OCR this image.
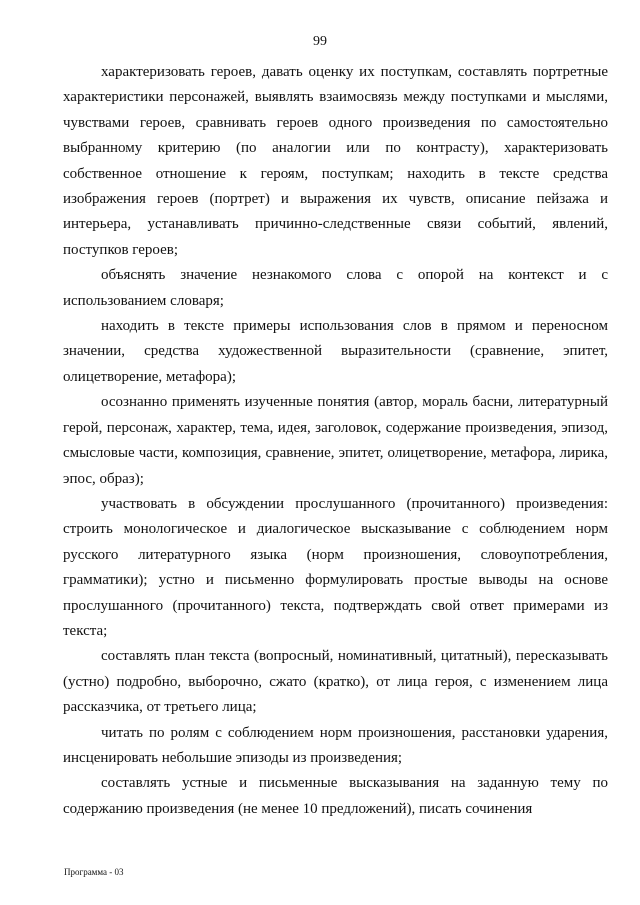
99

характеризовать героев, давать оценку их поступкам, составлять портретные характеристики персонажей, выявлять взаимосвязь между поступками и мыслями, чувствами героев, сравнивать героев одного произведения по самостоятельно выбранному критерию (по аналогии или по контрасту), характеризовать собственное отношение к героям, поступкам; находить в тексте средства изображения героев (портрет) и выражения их чувств, описание пейзажа и интерьера, устанавливать причинно-следственные связи событий, явлений, поступков героев;

объяснять значение незнакомого слова с опорой на контекст и с использованием словаря;

находить в тексте примеры использования слов в прямом и переносном значении, средства художественной выразительности (сравнение, эпитет, олицетворение, метафора);

осознанно применять изученные понятия (автор, мораль басни, литературный герой, персонаж, характер, тема, идея, заголовок, содержание произведения, эпизод, смысловые части, композиция, сравнение, эпитет, олицетворение, метафора, лирика, эпос, образ);

участвовать в обсуждении прослушанного (прочитанного) произведения: строить монологическое и диалогическое высказывание с соблюдением норм русского литературного языка (норм произношения, словоупотребления, грамматики); устно и письменно формулировать простые выводы на основе прослушанного (прочитанного) текста, подтверждать свой ответ примерами из текста;

составлять план текста (вопросный, номинативный, цитатный), пересказывать (устно) подробно, выборочно, сжато (кратко), от лица героя, с изменением лица рассказчика, от третьего лица;

читать по ролям с соблюдением норм произношения, расстановки ударения, инсценировать небольшие эпизоды из произведения;

составлять устные и письменные высказывания на заданную тему по содержанию произведения (не менее 10 предложений), писать сочинения

Программа - 03
